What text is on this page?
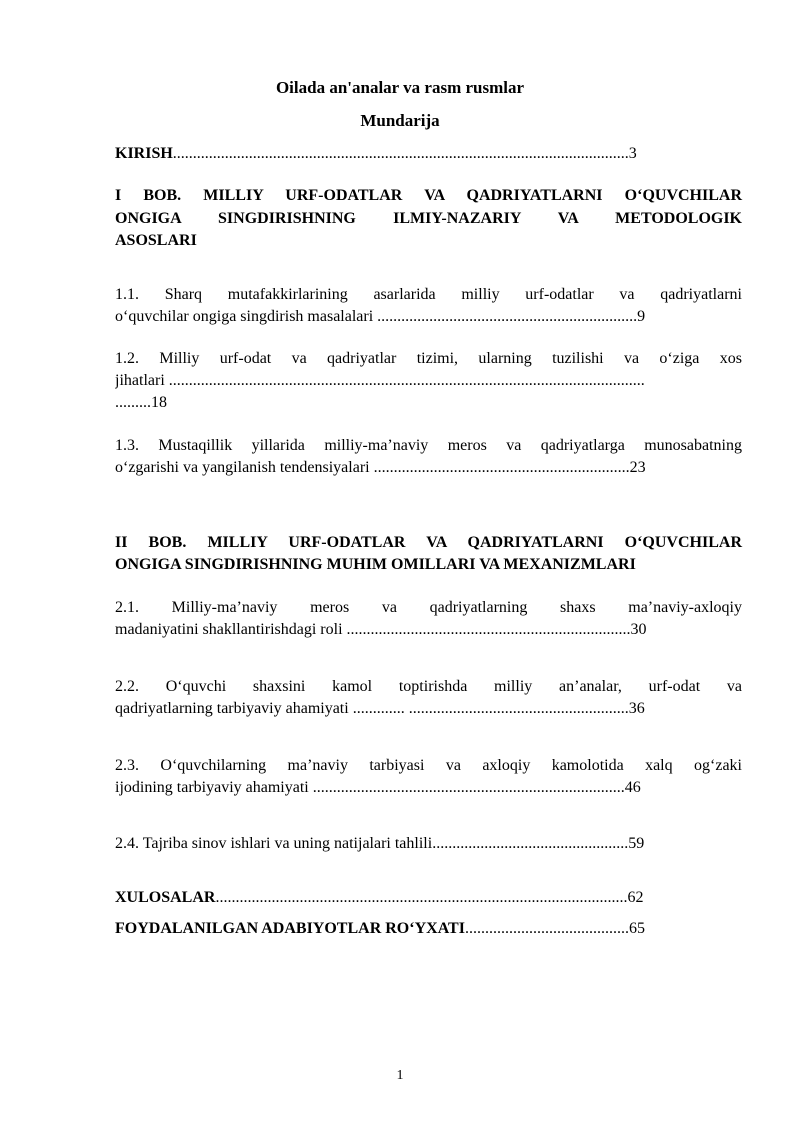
Oilada an'analar va rasm rusmlar
Mundarija
KIRISH..................................................................................................................3
I BOB. MILLIY URF-ODATLAR VA QADRIYATLARNI O‘QUVCHILAR
ONGIGA SINGDIRISHNING ILMIY-NAZARIY VA METODOLOGIK
ASOSLARI
1.1. Sharq mutafakkirlarining asarlarida milliy urf-odatlar va qadriyatlarni
o‘quvchilar ongiga singdirish masalalari .................................................................9
1.2. Milliy urf-odat va qadriyatlar tizimi, ularning tuzilishi va o‘ziga xos
jihatlari .......................................................................................................................
.........18
1.3. Mustaqillik yillarida milliy-ma’naviy meros va qadriyatlarga munosabatning
o‘zgarishi va yangilanish tendensiyalari ................................................................23
II BOB. MILLIY URF-ODATLAR VA QADRIYATLARNI O‘QUVCHILAR
ONGIGA SINGDIRISHNING MUHIM OMILLARI VA MEXANIZMLARI
2.1. Milliy-ma’naviy meros va qadriyatlarning shaxs ma’naviy-axloqiy
madaniyatini shakllantirishdagi roli .......................................................................30
2.2. O‘quvchi shaxsini kamol toptirishda milliy an’analar, urf-odat va
qadriyatlarning tarbiyaviy ahamiyati ............. .......................................................36
2.3. O‘quvchilarning ma’naviy tarbiyasi va axloqiy kamolotida xalq og‘zaki
ijodining tarbiyaviy ahamiyati ..............................................................................46
2.4. Tajriba sinov ishlari va uning natijalari tahlili.................................................59
XULOSALAR.......................................................................................................62
FOYDALANILGAN ADABIYOTLAR RO‘YXATI.........................................65
1
